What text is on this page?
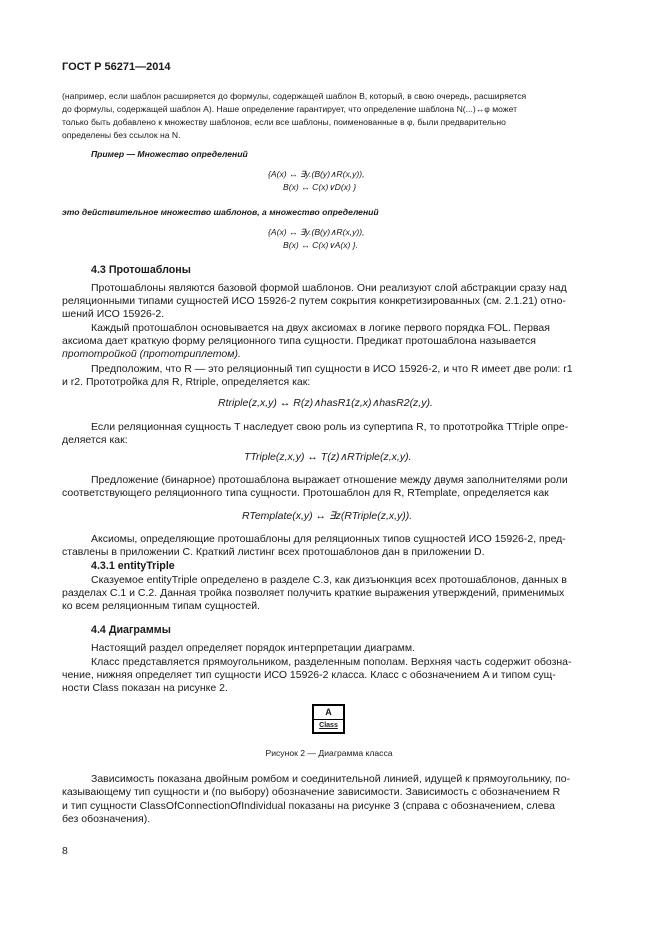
ГОСТ Р 56271—2014
(например, если шаблон расширяется до формулы, содержащей шаблон B, который, в свою очередь, расширяется
до формулы, содержащей шаблон A). Наше определение гарантирует, что определение шаблона N(...)↔φ может
только быть добавлено к множеству шаблонов, если все шаблоны, поименованные в φ, были предварительно
определены без ссылок на N.
Пример — Множество определений
{A(x) ↔ ∃y.(B(y)∧R(x,y)),
B(x) ↔ C(x)∨D(x) }
это действительное множество шаблонов, а множество определений
{A(x) ↔ ∃y.(B(y)∧R(x,y)),
B(x) ↔ C(x)∨A(x) }.
4.3 Протошаблоны
Протошаблоны являются базовой формой шаблонов. Они реализуют слой абстракции сразу над
реляционными типами сущностей ИСО 15926-2 путем сокрытия конкретизированных (см. 2.1.21) отно-
шений ИСО 15926-2.
Каждый протошаблон основывается на двух аксиомах в логике первого порядка FOL. Первая
аксиома дает краткую форму реляционного типа сущности. Предикат протошаблона называется
прототройкой (прототриплетом).
Предположим, что R — это реляционный тип сущности в ИСО 15926-2, и что R имеет две роли: r1
и r2. Прототройка для R, Rtriple, определяется как:
Rtriple(z,x,y) ↔ R(z)∧hasR1(z,x)∧hasR2(z,y).
Если реляционная сущность T наследует свою роль из супертипа R, то прототройка TTriple опре-
деляется как:
TTriple(z,x,y) ↔ T(z)∧RTriple(z,x,y).
Предложение (бинарное) протошаблона выражает отношение между двумя заполнителями роли
соответствующего реляционного типа сущности. Протошаблон для R, RTemplate, определяется как
RTemplate(x,y) ↔ ∃z(RTriple(z,x,y)).
Аксиомы, определяющие протошаблоны для реляционных типов сущностей ИСО 15926-2, пред-
ставлены в приложении C. Краткий листинг всех протошаблонов дан в приложении D.
4.3.1 entityTriple
Сказуемое entityTriple определено в разделе C.3, как дизъюнкция всех протошаблонов, данных в
разделах C.1 и C.2. Данная тройка позволяет получить краткие выражения утверждений, применимых
ко всем реляционным типам сущностей.
4.4 Диаграммы
Настоящий раздел определяет порядок интерпретации диаграмм.
Класс представляется прямоугольником, разделенным пополам. Верхняя часть содержит обозна-
чение, нижняя определяет тип сущности ИСО 15926-2 класса. Класс с обозначением A и типом сущ-
ности Class показан на рисунке 2.
A
Class
Рисунок 2 — Диаграмма класса
Зависимость показана двойным ромбом и соединительной линией, идущей к прямоугольнику, по-
казывающему тип сущности и (по выбору) обозначение зависимости. Зависимость с обозначением R
и тип сущности ClassOfConnectionOfIndividual показаны на рисунке 3 (справа с обозначением, слева
без обозначения).
8
